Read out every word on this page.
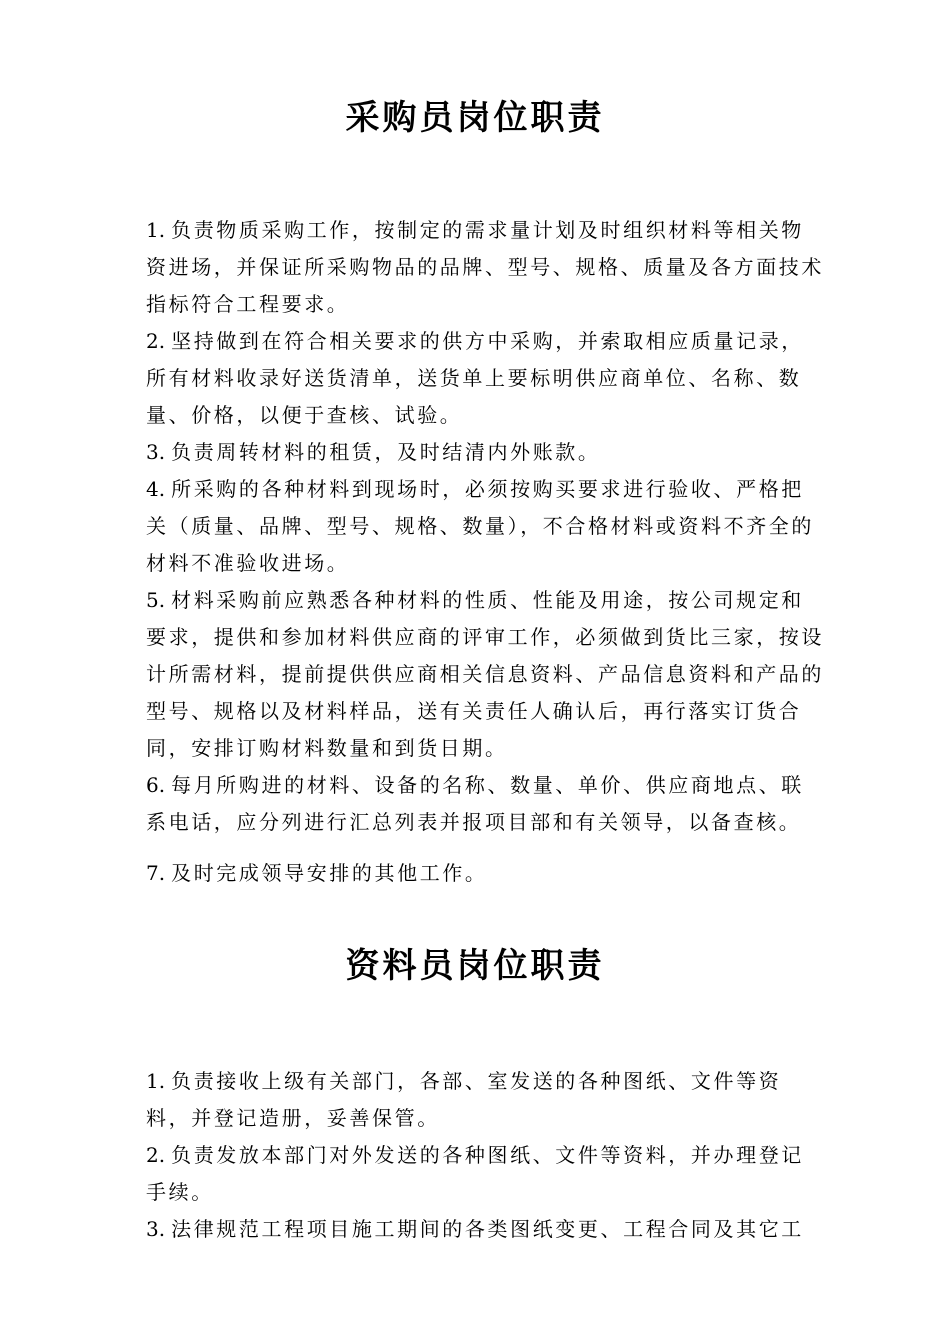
采购员岗位职责
1. 负责物质采购工作，按制定的需求量计划及时组织材料等相关物资进场，并保证所采购物品的品牌、型号、规格、质量及各方面技术指标符合工程要求。
2. 坚持做到在符合相关要求的供方中采购，并索取相应质量记录，所有材料收录好送货清单，送货单上要标明供应商单位、名称、数量、价格，以便于查核、试验。
3. 负责周转材料的租赁，及时结清内外账款。
4. 所采购的各种材料到现场时，必须按购买要求进行验收、严格把关（质量、品牌、型号、规格、数量），不合格材料或资料不齐全的材料不准验收进场。
5. 材料采购前应熟悉各种材料的性质、性能及用途，按公司规定和要求，提供和参加材料供应商的评审工作，必须做到货比三家，按设计所需材料，提前提供供应商相关信息资料、产品信息资料和产品的型号、规格以及材料样品，送有关责任人确认后，再行落实订货合同，安排订购材料数量和到货日期。
6. 每月所购进的材料、设备的名称、数量、单价、供应商地点、联系电话，应分列进行汇总列表并报项目部和有关领导，以备查核。
7. 及时完成领导安排的其他工作。
资料员岗位职责
1. 负责接收上级有关部门，各部、室发送的各种图纸、文件等资料，并登记造册，妥善保管。
2. 负责发放本部门对外发送的各种图纸、文件等资料，并办理登记手续。
3. 法律规范工程项目施工期间的各类图纸变更、工程合同及其它工
